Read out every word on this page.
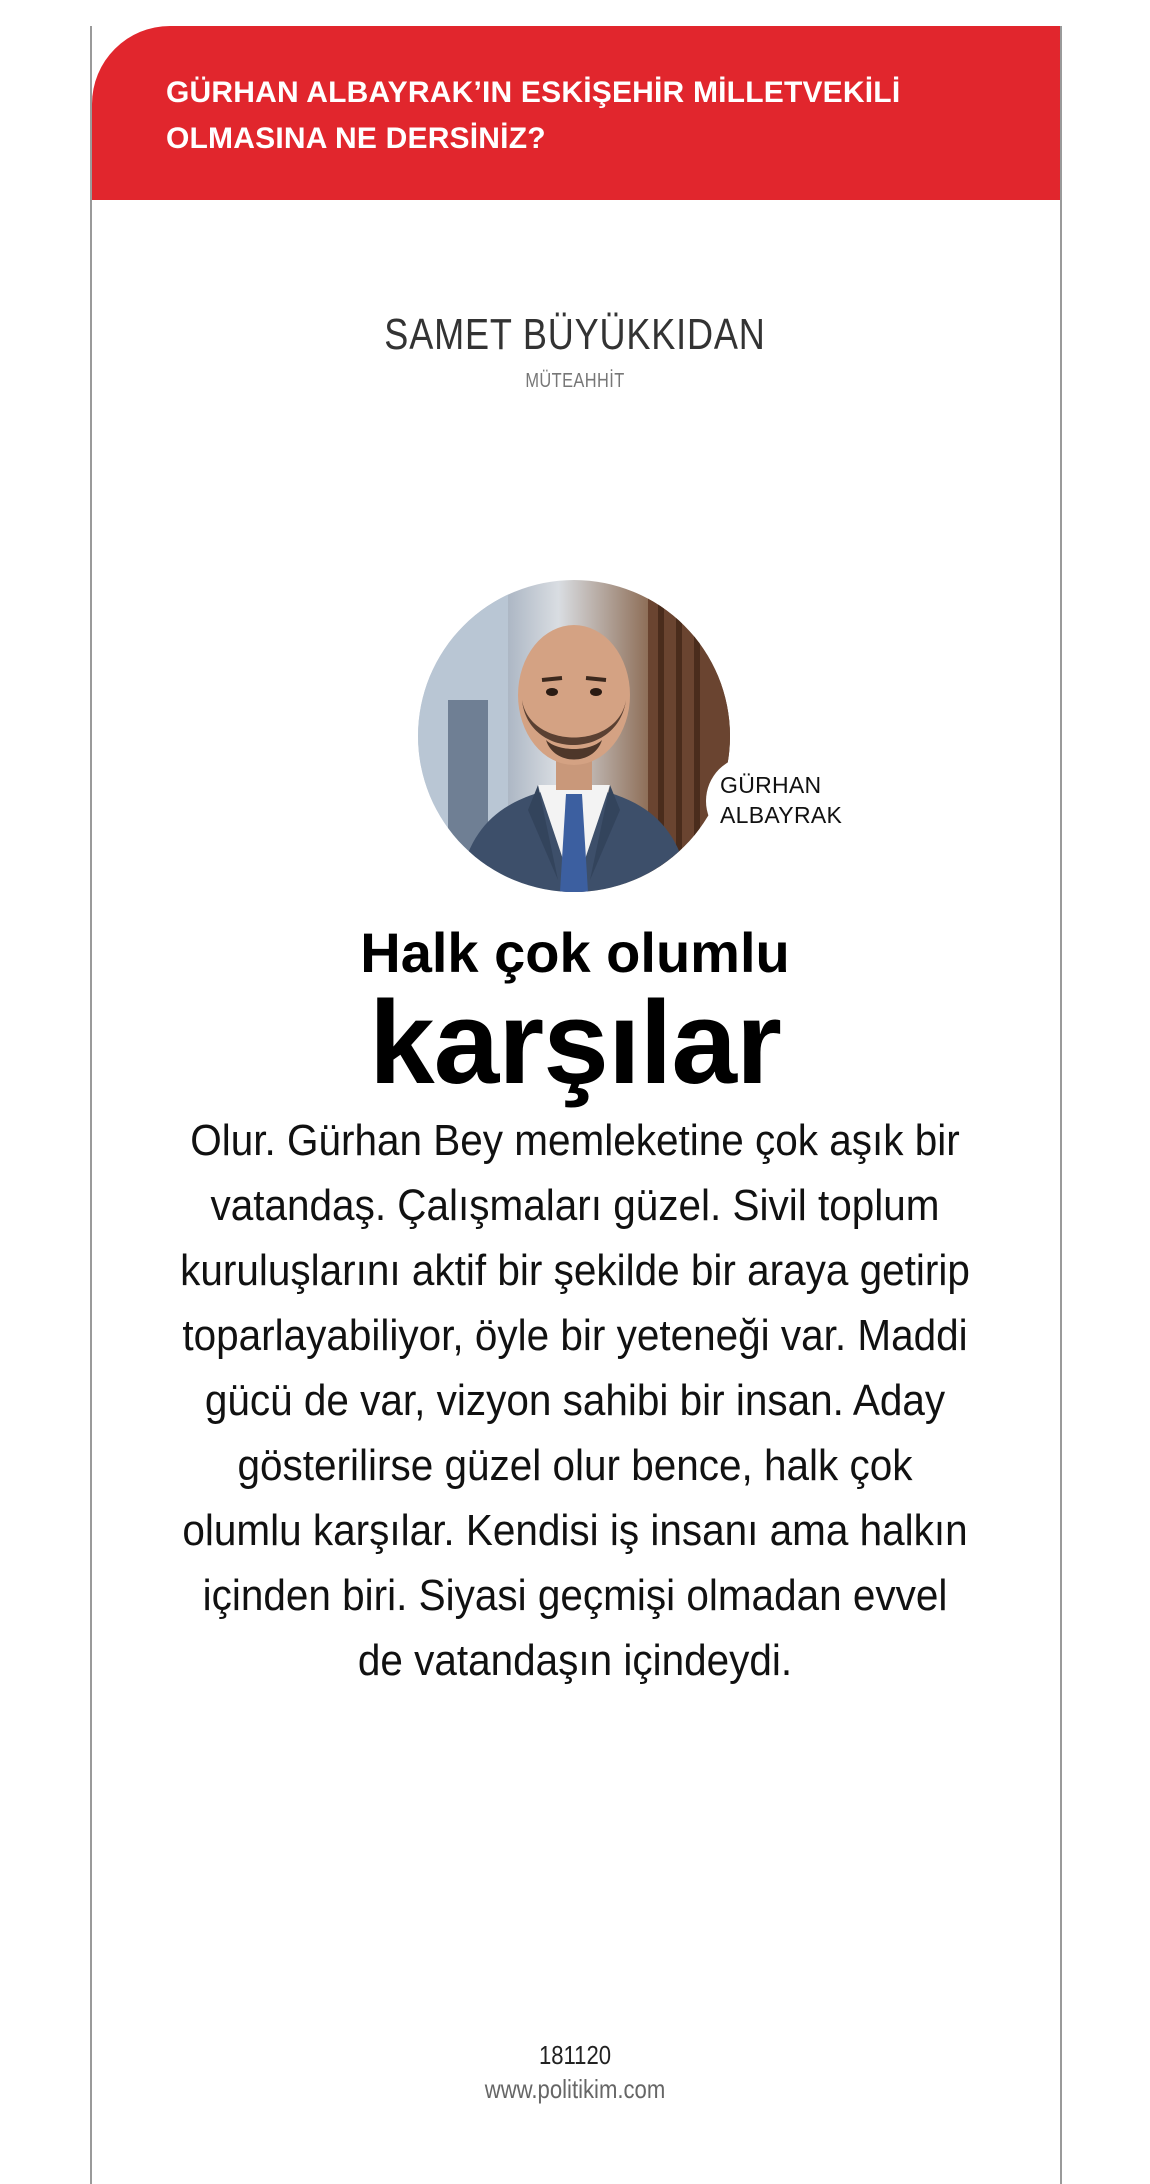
GÜRHAN ALBAYRAK’IN ESKİŞEHİR MİLLETVEKİLİ OLMASINA NE DERSİNİZ?
SAMET BÜYÜKKIDAN
MÜTEAHHİT
GÜRHAN
ALBAYRAK
Halk çok olumlu
karşılar
Olur. Gürhan Bey memleketine çok aşık bir vatandaş. Çalışmaları güzel. Sivil toplum kuruluşlarını aktif bir şekilde bir araya getirip toparlayabiliyor, öyle bir yeteneği var. Maddi gücü de var, vizyon sahibi bir insan. Aday gösterilirse güzel olur bence, halk çok olumlu karşılar. Kendisi iş insanı ama halkın içinden biri. Siyasi geçmişi olmadan evvel de vatandaşın içindeydi.
181120
www.politikim.com
